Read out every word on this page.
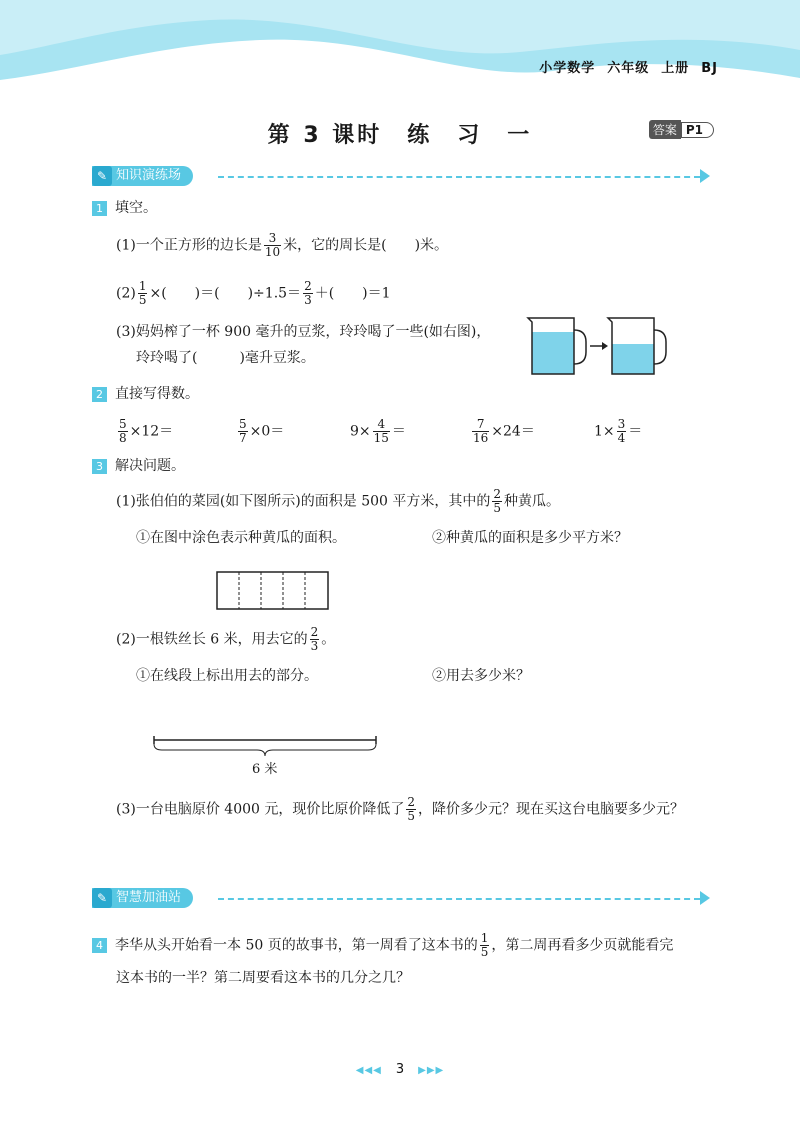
小学数学 六年级 上册 BJ
第 3 课时　练　习　一	答案 P1
✎ 知识演练场
1 填空。
(1)一个正方形的边长是 $\frac{3}{10}$ 米，它的周长是(　　)米。
$(2) \frac{1}{5}$ ×(　　)＝(　　)$\div 1.5= \frac{2}{3}$ ＋(　　)＝1
(3)妈妈榨了一杯 900 毫升的豆浆，玲玲喝了一些(如右图)，
玲玲喝了(　　　)毫升豆浆。
2 直接写得数。
$\frac{5}{8} \times 12=$	$\frac{5}{7} \times 0=$	$9\times \frac{4}{15}$ ＝	$\frac{7}{16} \times 24=$	$1\times \frac{3}{4}$ ＝
3 解决问题。
(1)张伯伯的菜园(如下图所示)的面积是 500 平方米，其中的 $\frac{2}{5}$ 种黄瓜。
①在图中涂色表示种黄瓜的面积。	②种黄瓜的面积是多少平方米？
(2)一根铁丝长 6 米，用去它的 $\frac{2}{3}$ 。
①在线段上标出用去的部分。	②用去多少米？
6 米
(3)一台电脑原价 4000 元，现价比原价降低了 $\frac{2}{5}$ ，降价多少元？现在买这台电脑要多少元？
✎ 智慧加油站
4 李华从头开始看一本 50 页的故事书，第一周看了这本书的 $\frac{1}{5}$ ，第二周再看多少页就能看完
这本书的一半？第二周要看这本书的几分之几？
◀◀◀ 3 ▶▶▶
